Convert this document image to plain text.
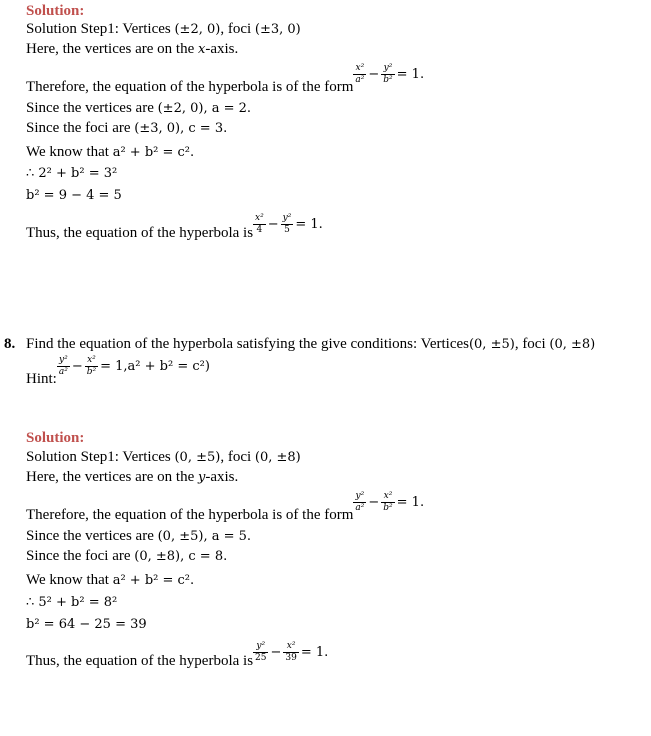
Solution:
Solution Step1: Vertices (±2, 0), foci (±3, 0)
Here, the vertices are on the x-axis.
Therefore, the equation of the hyperbola is of the form
$\frac{\text{x²}}{\text{a²}} - \frac{\text{y²}}{\text{b²}} = 1$.
Since the vertices are (±2, 0), a = 2.
Since the foci are (±3, 0), c = 3.
We know that a² + b² = c².
∴ 2² + b² = 3²
b² = 9 − 4 = 5
Thus, the equation of the hyperbola is $\frac{\text{x²}}{4} - \frac{\text{y²}}{5} = 1$.
8. Find the equation of the hyperbola satisfying the give conditions: Vertices(0, ±5), foci (0, ±8)
Hint:
$\frac{\text{y²}}{\text{a²}} - \frac{\text{x²}}{\text{b²}} = 1,a^2 + b^2 = c^2$)
Solution:
Solution Step1: Vertices (0, ±5), foci (0, ±8)
Here, the vertices are on the y-axis.
Therefore, the equation of the hyperbola is of the form
$\frac{\text{y²}}{\text{a²}} - \frac{\text{x²}}{\text{b²}} = 1$.
Since the vertices are (0, ±5), a = 5.
Since the foci are (0, ±8), c = 8.
We know that a² + b² = c².
∴ 5² + b² = 8²
b² = 64 − 25 = 39
Thus, the equation of the hyperbola is $\frac{\text{y²}}{25} - \frac{\text{x²}}{39} = 1$.
